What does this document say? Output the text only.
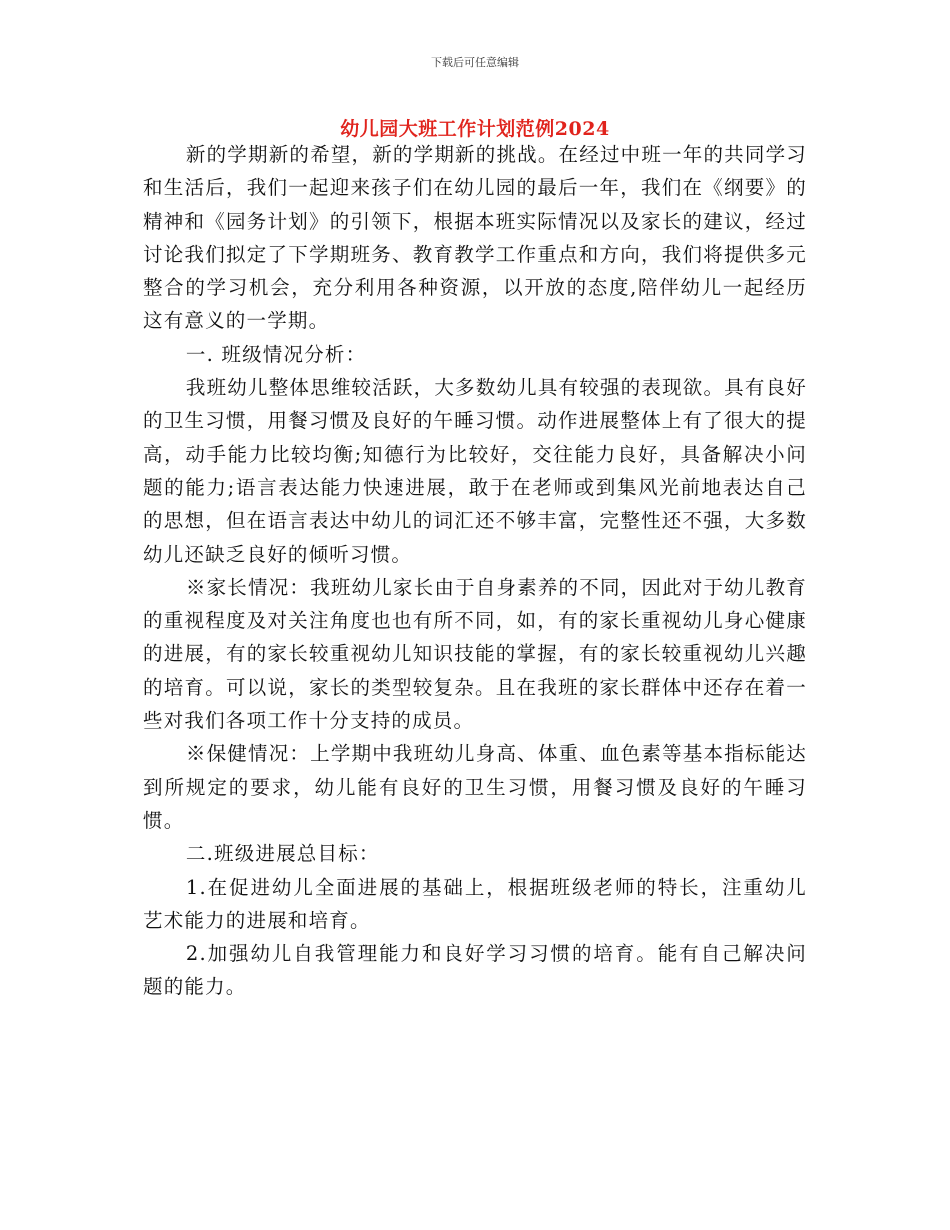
下载后可任意编辑
幼儿园大班工作计划范例2024

新的学期新的希望，新的学期新的挑战。在经过中班一年的共同学习和生活后，我们一起迎来孩子们在幼儿园的最后一年，我们在《纲要》的精神和《园务计划》的引领下，根据本班实际情况以及家长的建议，经过讨论我们拟定了下学期班务、教育教学工作重点和方向，我们将提供多元整合的学习机会，充分利用各种资源，以开放的态度,陪伴幼儿一起经历这有意义的一学期。

一. 班级情况分析：

我班幼儿整体思维较活跃，大多数幼儿具有较强的表现欲。具有良好的卫生习惯，用餐习惯及良好的午睡习惯。动作进展整体上有了很大的提高，动手能力比较均衡;知德行为比较好，交往能力良好，具备解决小问题的能力;语言表达能力快速进展，敢于在老师或到集风光前地表达自己的思想，但在语言表达中幼儿的词汇还不够丰富，完整性还不强，大多数幼儿还缺乏良好的倾听习惯。

※家长情况：我班幼儿家长由于自身素养的不同，因此对于幼儿教育的重视程度及对关注角度也也有所不同，如，有的家长重视幼儿身心健康的进展，有的家长较重视幼儿知识技能的掌握，有的家长较重视幼儿兴趣的培育。可以说，家长的类型较复杂。且在我班的家长群体中还存在着一些对我们各项工作十分支持的成员。

※保健情况：上学期中我班幼儿身高、体重、血色素等基本指标能达到所规定的要求，幼儿能有良好的卫生习惯，用餐习惯及良好的午睡习惯。

二.班级进展总目标：

1.在促进幼儿全面进展的基础上，根据班级老师的特长，注重幼儿艺术能力的进展和培育。

2.加强幼儿自我管理能力和良好学习习惯的培育。能有自己解决问题的能力。
